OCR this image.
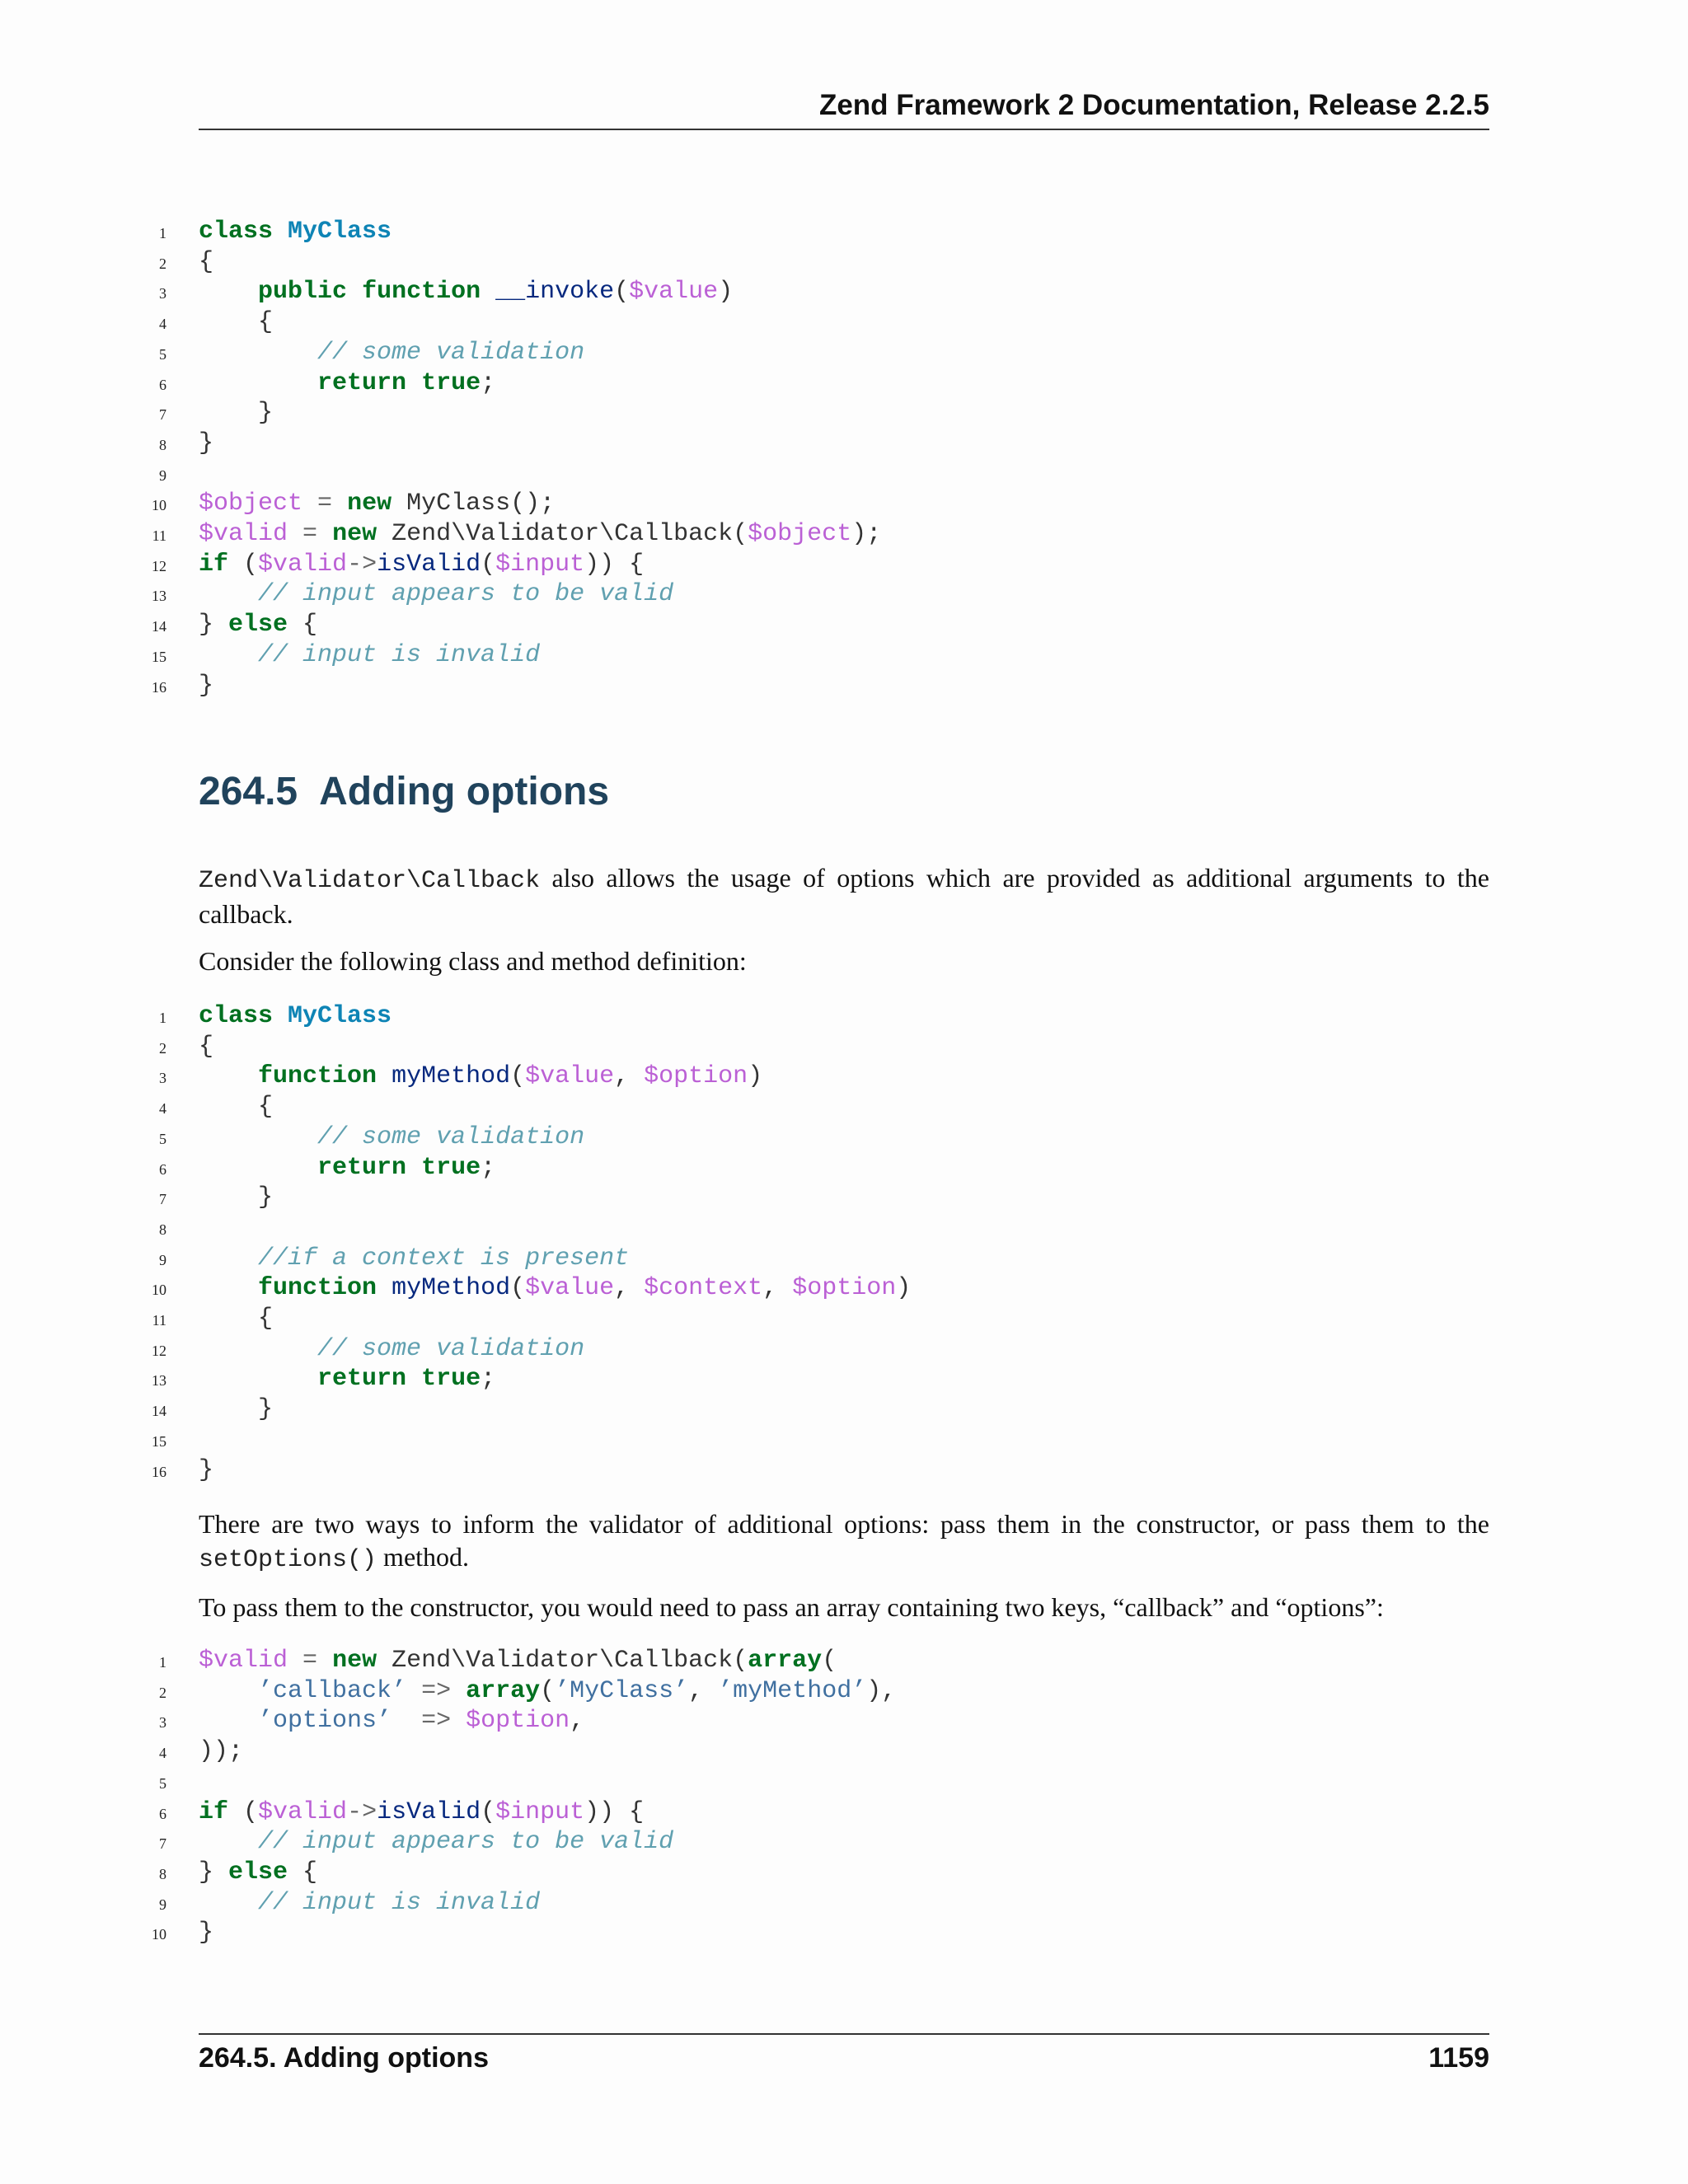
Zend Framework 2 Documentation, Release 2.2.5
1 class MyClass
2 {
3	public function __invoke($value)
4 {
5	// some validation
6	return true;
7 }
8 }
9
10 $object = new MyClass();
11 $valid = new Zend\Validator\Callback($object);
12 if ($valid->isValid($input)) {
13	// input appears to be valid
14 } else {
15	// input is invalid
16 }
264.5 Adding options
Zend\Validator\Callback also allows the usage of options which are provided as additional arguments to the callback.
Consider the following class and method definition:
1 class MyClass
2 {
3	function myMethod($value, $option)
4 {
5	// some validation
6	return true;
7 }
8
9	//if a context is present
10	function myMethod($value, $context, $option)
11 {
12	// some validation
13	return true;
14 }
15
16 }
There are two ways to inform the validator of additional options: pass them in the constructor, or pass them to the setOptions() method.
To pass them to the constructor, you would need to pass an array containing two keys, “callback” and “options”:
1 $valid = new Zend\Validator\Callback(array(
2	’callback’ => array(’MyClass’, ’myMethod’),
3	’options’ => $option,
4 ));
5
6 if ($valid->isValid($input)) {
7	// input appears to be valid
8 } else {
9	// input is invalid
10 }
264.5. Adding options	1159
